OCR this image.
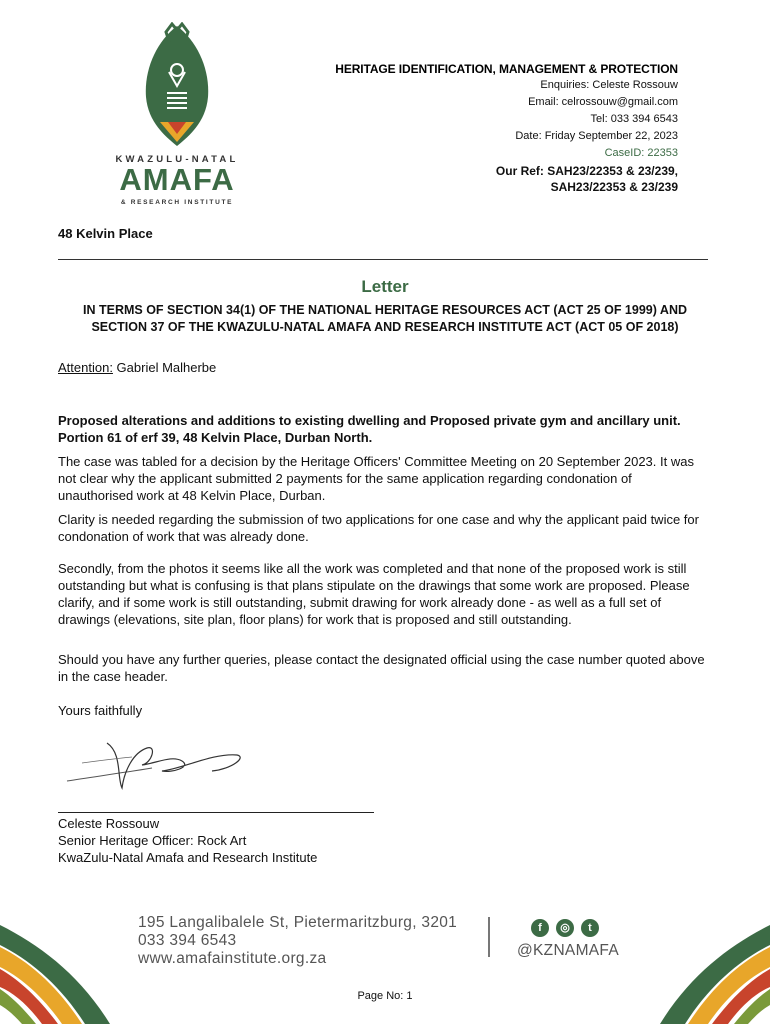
KWAZULU-NATAL
AMAFA
& RESEARCH INSTITUTE
HERITAGE IDENTIFICATION, MANAGEMENT & PROTECTION
Enquiries: Celeste Rossouw
Email: celrossouw@gmail.com
Tel: 033 394 6543
Date: Friday September 22, 2023
CaseID: 22353
Our Ref: SAH23/22353 & 23/239,
SAH23/22353 & 23/239
48 Kelvin Place
Letter
IN TERMS OF SECTION 34(1) OF THE NATIONAL HERITAGE RESOURCES ACT (ACT 25 OF 1999) AND SECTION 37 OF THE KWAZULU-NATAL AMAFA AND RESEARCH INSTITUTE ACT (ACT 05 OF 2018)
Attention: Gabriel Malherbe
Proposed alterations and additions to existing dwelling and Proposed private gym and ancillary unit. Portion 61 of erf 39, 48 Kelvin Place, Durban North.
The case was tabled for a decision by the Heritage Officers' Committee Meeting on 20 September 2023. It was not clear why the applicant submitted 2 payments for the same application regarding condonation of unauthorised work at 48 Kelvin Place, Durban.
Clarity is needed regarding the submission of two applications for one case and why the applicant paid twice for condonation of work that was already done.
Secondly, from the photos it seems like all the work was completed and that none of the proposed work is still outstanding but what is confusing is that plans stipulate on the drawings that some work are proposed. Please clarify, and if some work is still outstanding, submit drawing for work already done - as well as a full set of drawings (elevations, site plan, floor plans) for work that is proposed and still outstanding.
Should you have any further queries, please contact the designated official using the case number quoted above in the case header.
Yours faithfully
Celeste Rossouw
Senior Heritage Officer: Rock Art
KwaZulu-Natal Amafa and Research Institute
195 Langalibalele St, Pietermaritzburg, 3201
033 394 6543
www.amafainstitute.org.za
f	◎	t
@KZNAMAFA
Page No: 1
